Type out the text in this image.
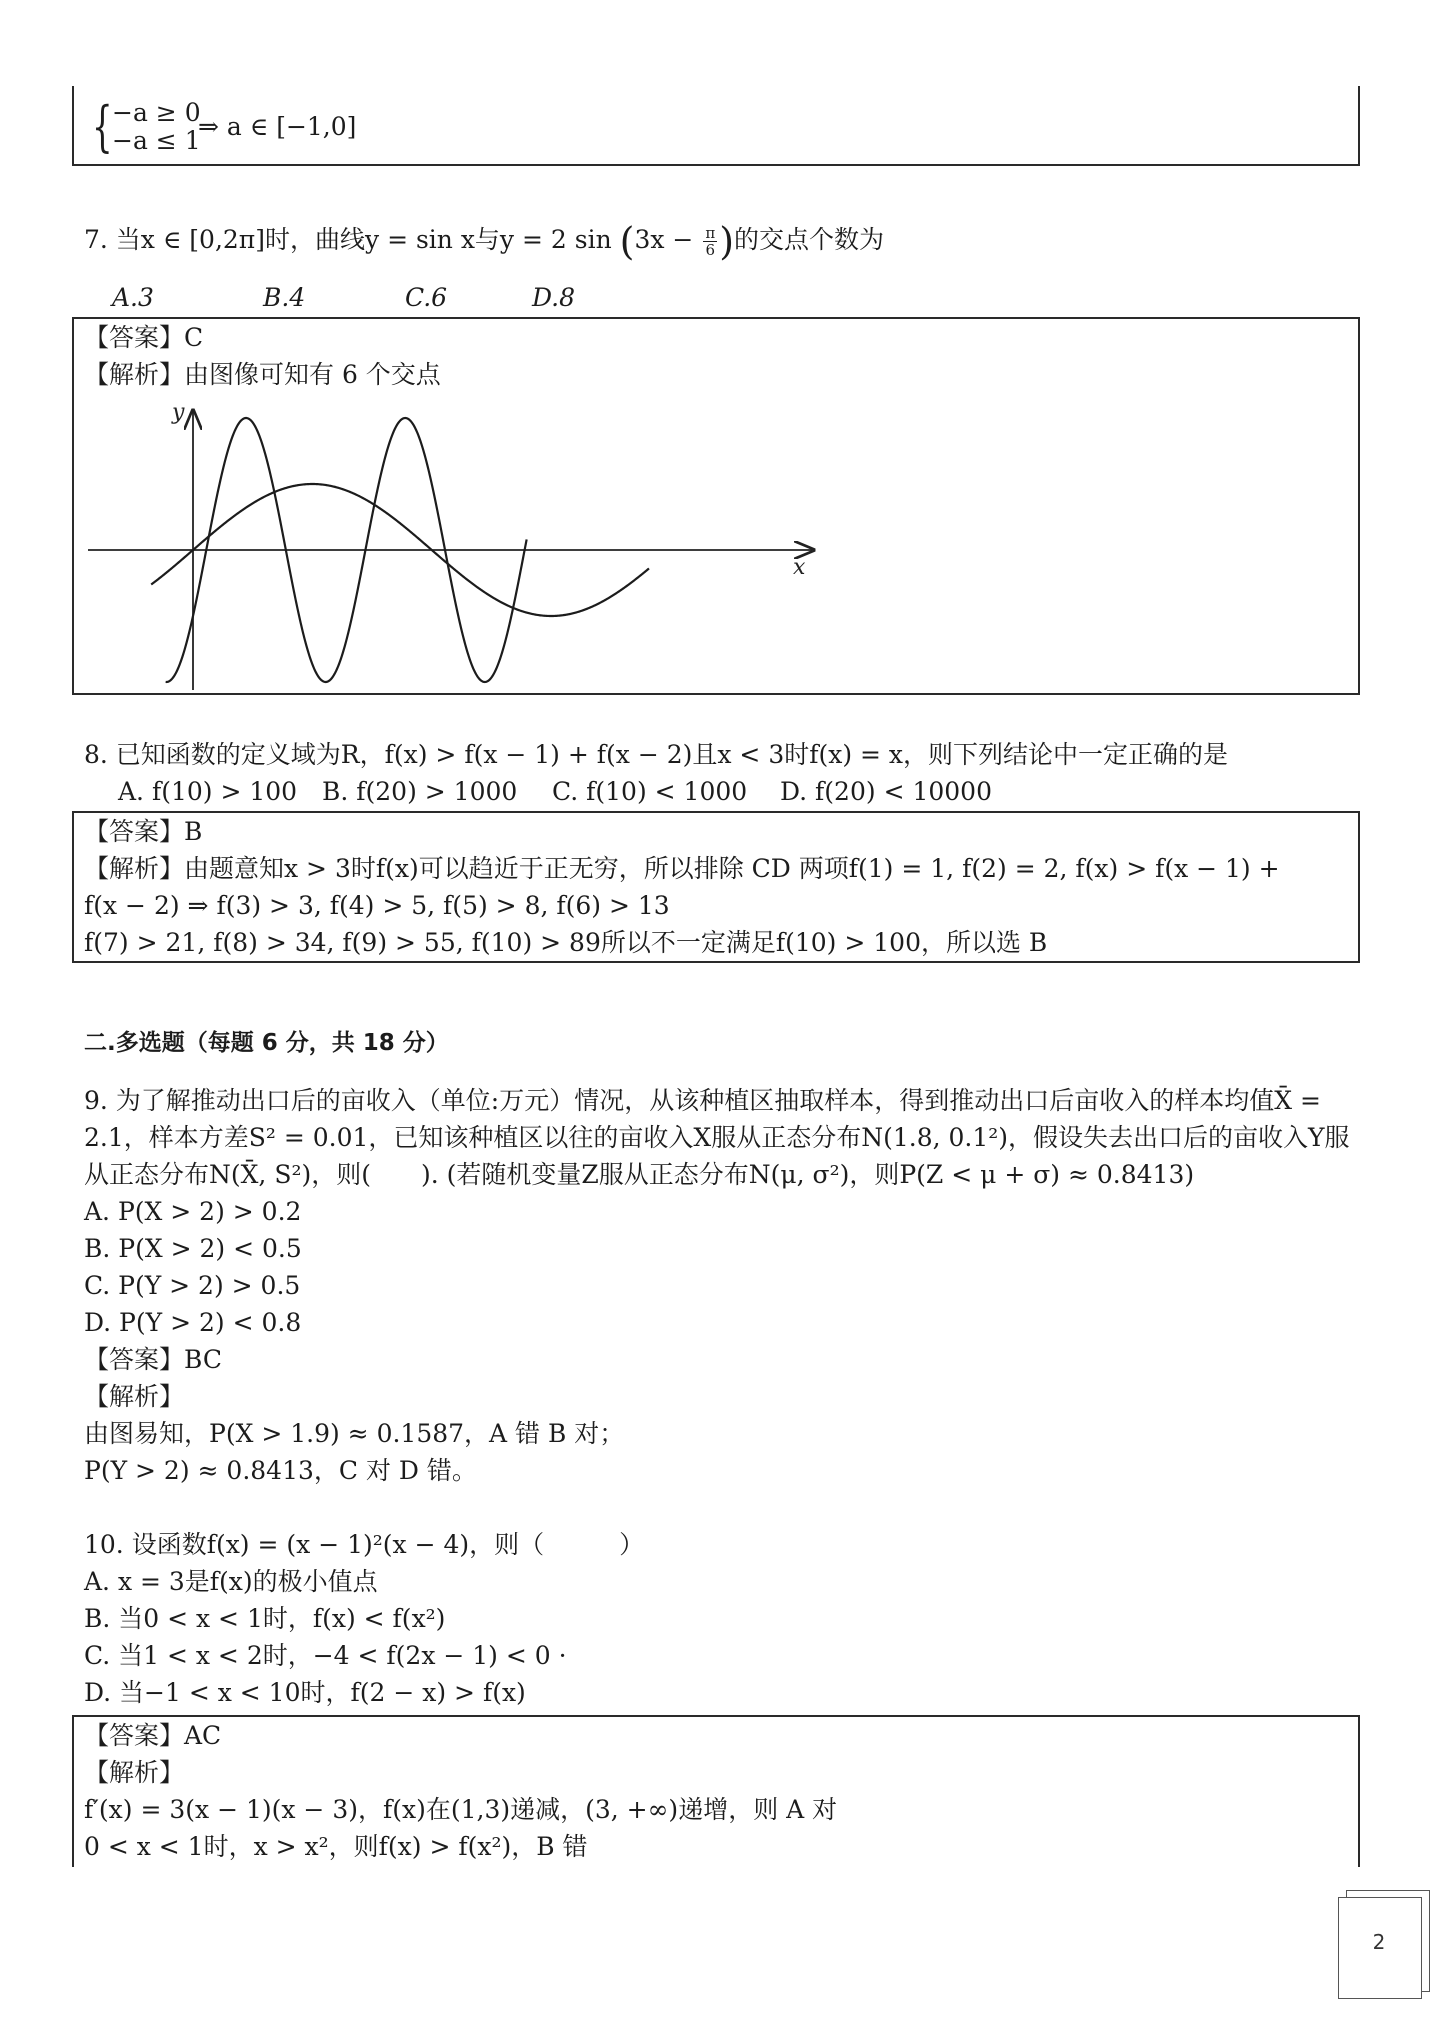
{ −a ≥ 0
−a ≤ 1
⇒ a ∈ [−1,0]
7. 当x ∈ [0,2π]时，曲线y = sin x与y = 2 $\sin (3x - \frac{\pi}{6}$ )的交点个数为
A.3	B.4	C.6	D.8
【答案】C
【解析】由图像可知有 6 个交点
y
x
8. 已知函数的定义域为R，f(x) > f(x − 1) + f(x − 2)且x < 3时f(x) = x，则下列结论中一定正确的是
A. f(10) > 100 B. f(20) > 1000 C. f(10) < 1000 D. f(20) < 10000
【答案】B
【解析】由题意知x > 3时f(x)可以趋近于正无穷，所以排除 CD 两项f(1) = 1, f(2) = 2, f(x) > f(x − 1) +
f(x − 2) ⇒ f(3) > 3, f(4) > 5, f(5) > 8, f(6) > 13
f(7) > 21, f(8) > 34, f(9) > 55, f(10) > 89所以不一定满足f(10) > 100，所以选 B
二.多选题（每题 6 分，共 18 分）
9. 为了解推动出口后的亩收入（单位:万元）情况，从该种植区抽取样本，得到推动出口后亩收入的样本均值X̄ =
2.1，样本方差S² = 0.01，已知该种植区以往的亩收入X服从正态分布N(1.8, 0.1²)，假设失去出口后的亩收入Y服
从正态分布N(X̄, S²)，则(　　). (若随机变量Z服从正态分布N(μ, σ²)，则P(Z < μ + σ) ≈ 0.8413)
A. P(X > 2) > 0.2
B. P(X > 2) < 0.5
C. P(Y > 2) > 0.5
D. P(Y > 2) < 0.8
【答案】BC
【解析】
由图易知，P(X > 1.9) ≈ 0.1587，A 错 B 对；
P(Y > 2) ≈ 0.8413，C 对 D 错。
10. 设函数f(x) = (x − 1)²(x − 4)，则（　　　）
A. x = 3是f(x)的极小值点
B. 当0 < x < 1时，f(x) < f(x²)
C. 当1 < x < 2时，−4 < f(2x − 1) < 0 ·
D. 当−1 < x < 10时，f(2 − x) > f(x)
【答案】AC
【解析】
f′(x) = 3(x − 1)(x − 3)，f(x)在(1,3)递减，(3, +∞)递增，则 A 对
0 < x < 1时，x > x²，则f(x) > f(x²)，B 错
2
